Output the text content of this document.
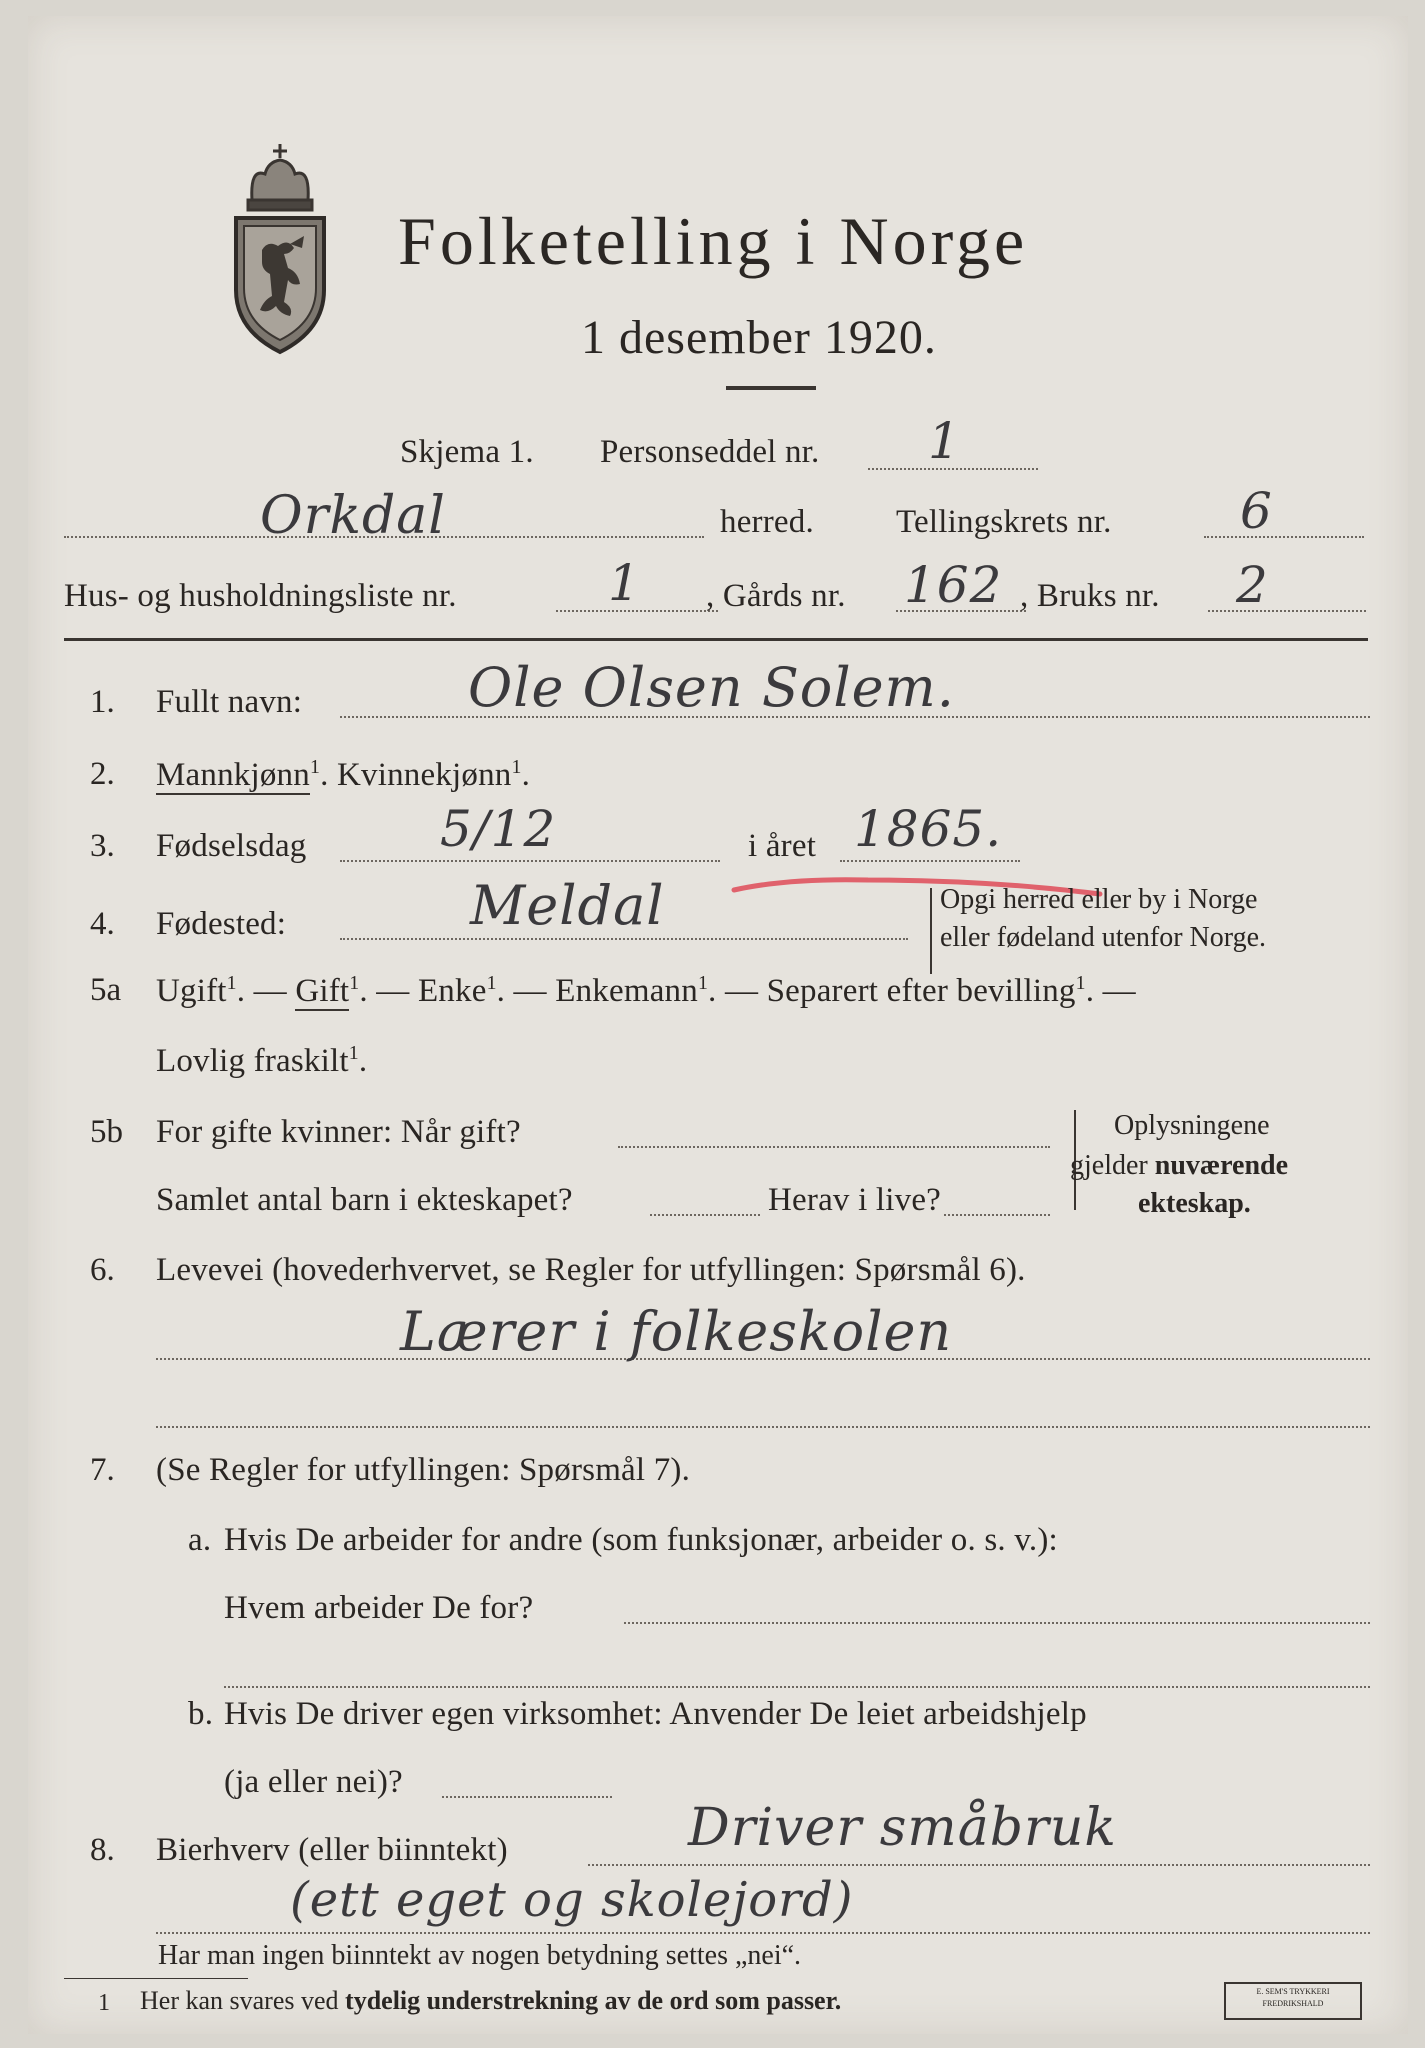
Folketelling i Norge
1 desember 1920.
Skjema 1. Personseddel nr. 1
Orkdal	herred. Tellingskrets nr.	6
Hus- og husholdningsliste nr.	1 , Gårds nr. 162 , Bruks nr. 2
1. Fullt navn:	Ole Olsen Solem.
2. Mannkjønn$^1$. Kvinnekjønn$^1$.
3. Fødselsdag	5/12	i året 1865.
4. Fødested:	Meldal	Opgi herred eller by i Norge
eller fødeland utenfor Norge.
5a Ugift$^1$. — Gift$^1$. — Enke$^1$. — Enkemann$^1$. — Separert efter bevilling$^1$. —
Lovlig fraskilt$^1$.
5b For gifte kvinner: Når gift?
Samlet antal barn i ekteskapet?	Herav i live?
Oplysningene
gjelder nuværende
ekteskap.
6. Levevei (hovederhvervet, se Regler for utfyllingen: Spørsmål 6).
Lærer i folkeskolen
7. (Se Regler for utfyllingen: Spørsmål 7).
a. Hvis De arbeider for andre (som funksjonær, arbeider o. s. v.):
Hvem arbeider De for?
b. Hvis De driver egen virksomhet: Anvender De leiet arbeidshjelp
(ja eller nei)?
8. Bierhverv (eller biinntekt)	Driver småbruk
(ett eget og skolejord)
Har man ingen biinntekt av nogen betydning settes „nei“.
1 Her kan svares ved tydelig understrekning av de ord som passer.	E. SEM'S TRYKKERI FREDRIKSHALD
